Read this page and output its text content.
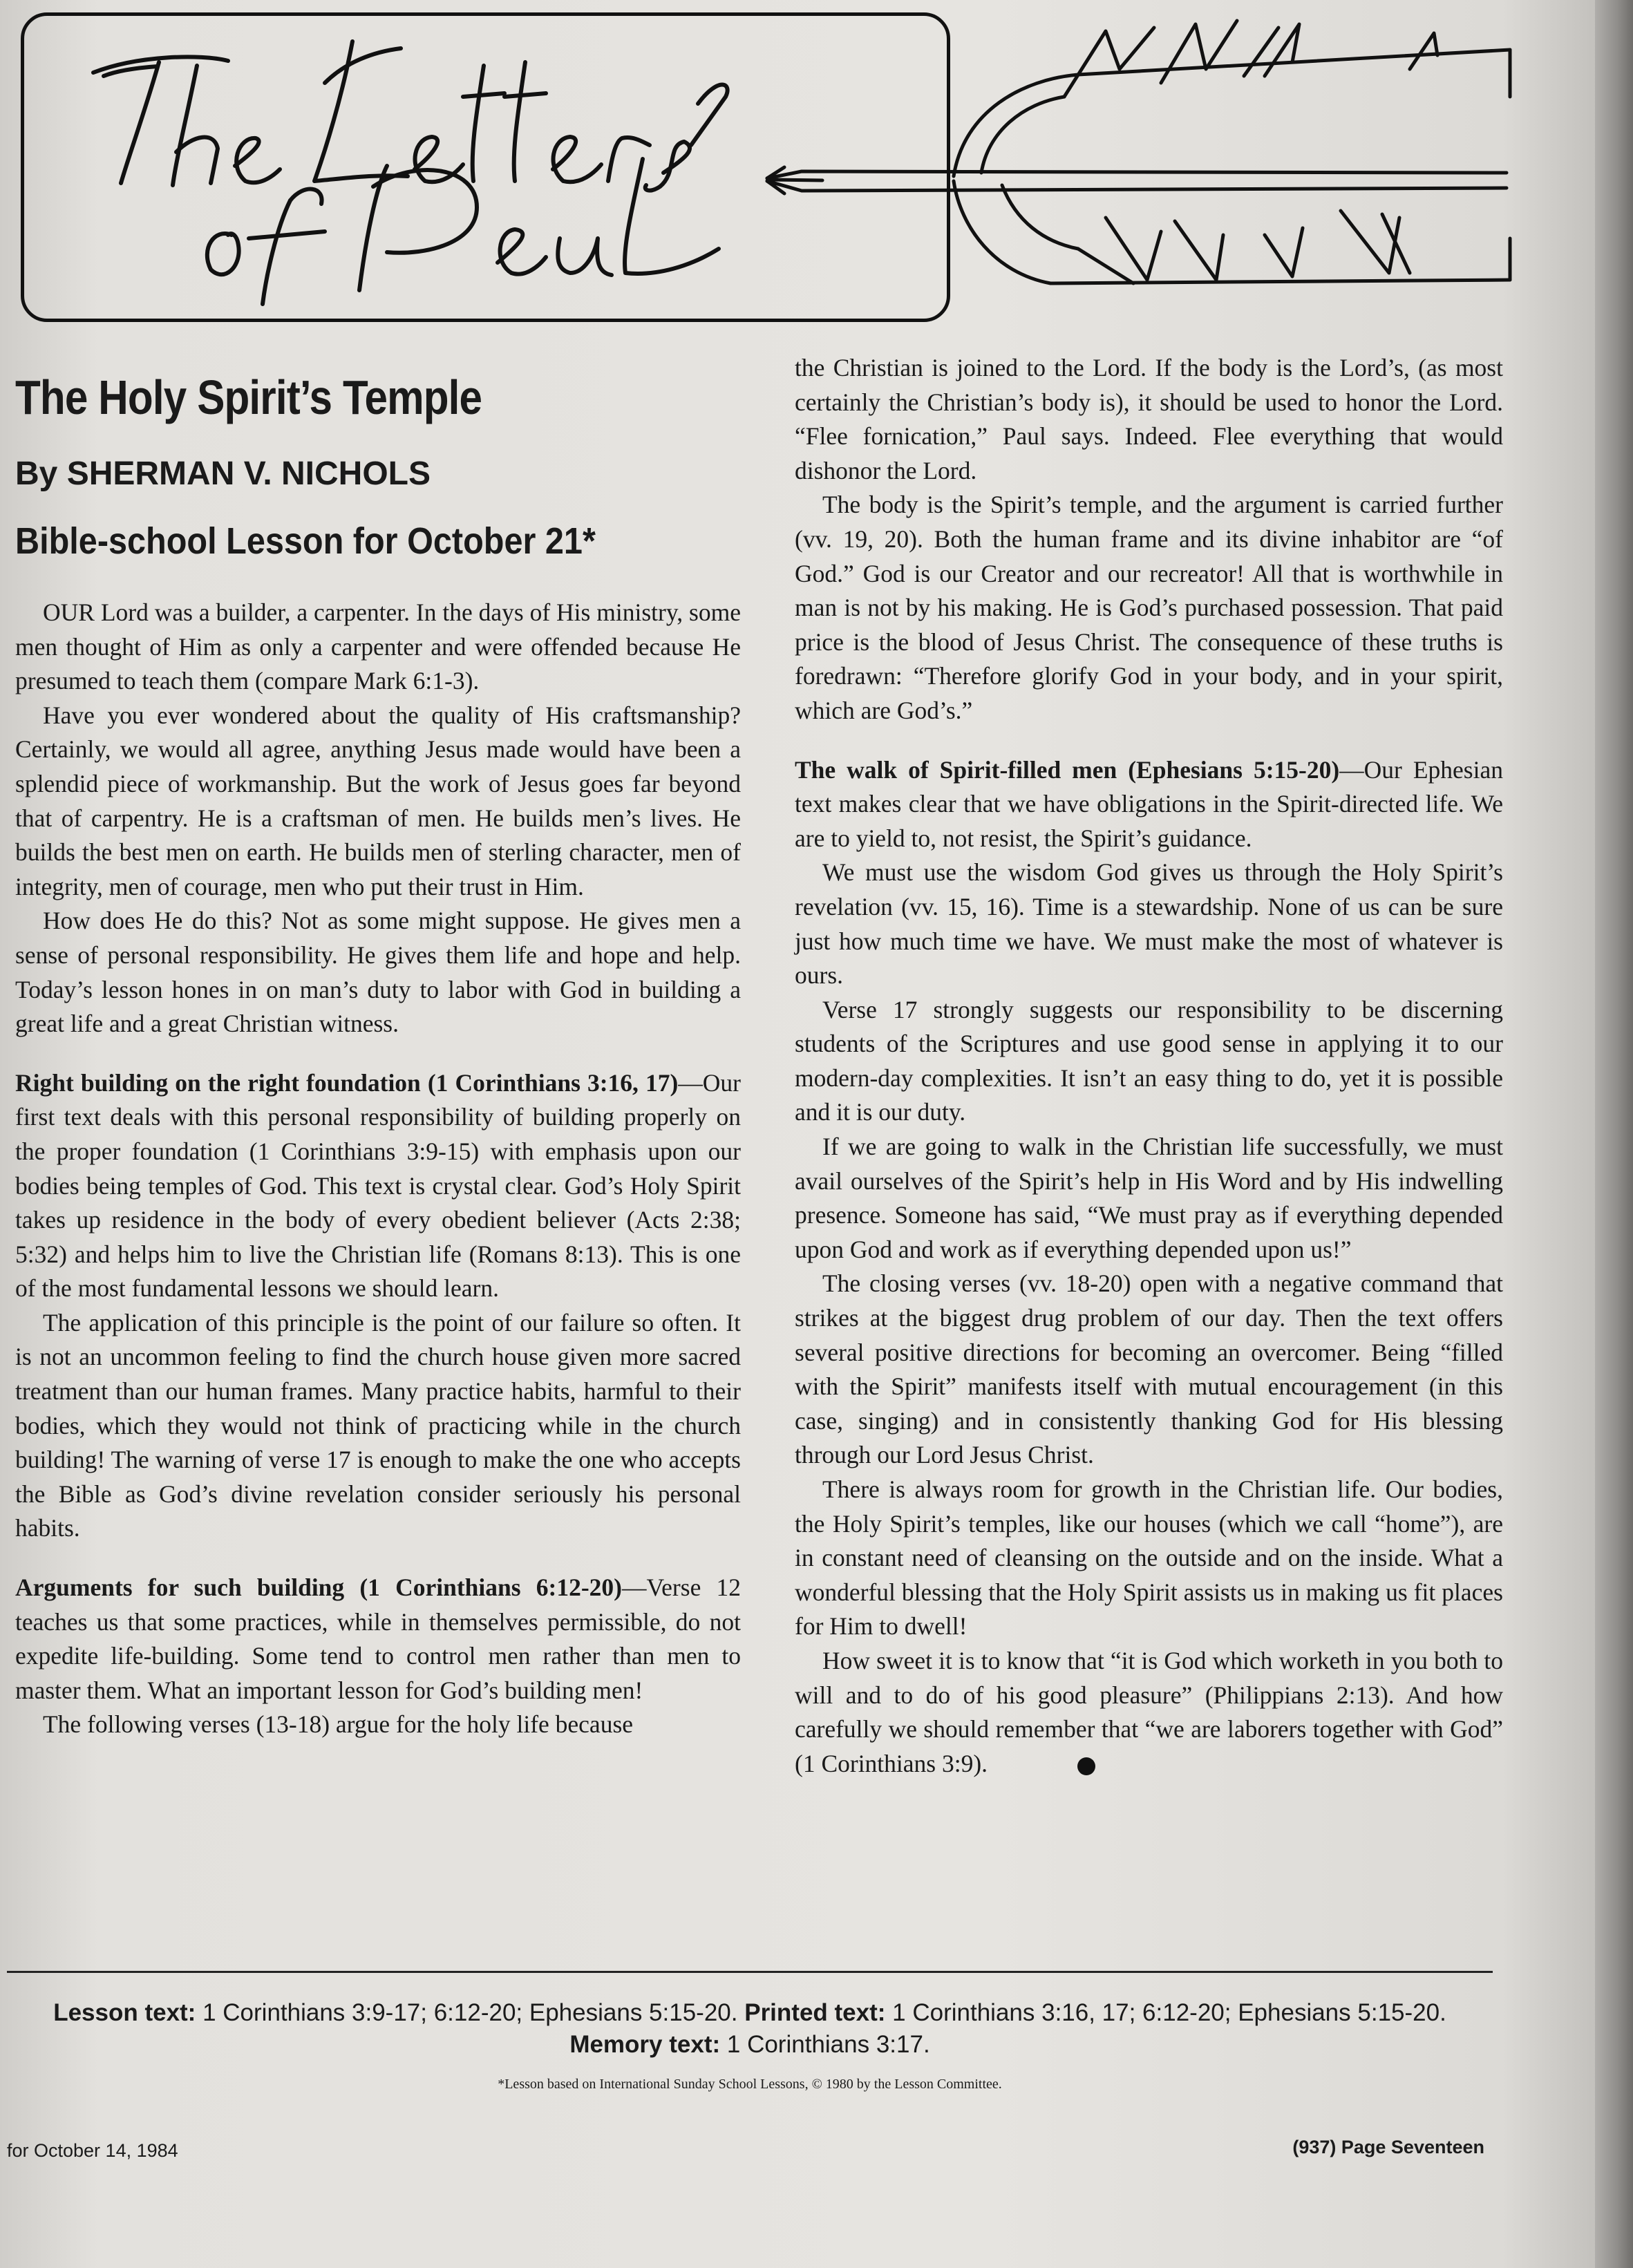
The Holy Spirit’s Temple
By SHERMAN V. NICHOLS
Bible-school Lesson for October 21*

OUR Lord was a builder, a carpenter. In the days of His ministry, some men thought of Him as only a carpenter and were offended because He presumed to teach them (compare Mark 6:1-3).

Have you ever wondered about the quality of His craftsmanship? Certainly, we would all agree, anything Jesus made would have been a splendid piece of workmanship. But the work of Jesus goes far beyond that of carpentry. He is a craftsman of men. He builds men’s lives. He builds the best men on earth. He builds men of sterling character, men of integrity, men of courage, men who put their trust in Him.

How does He do this? Not as some might suppose. He gives men a sense of personal responsibility. He gives them life and hope and help. Today’s lesson hones in on man’s duty to labor with God in building a great life and a great Christian witness.

Right building on the right foundation (1 Corinthians 3:16, 17)—Our first text deals with this personal responsibility of building properly on the proper foundation (1 Corinthians 3:9-15) with emphasis upon our bodies being temples of God. This text is crystal clear. God’s Holy Spirit takes up residence in the body of every obedient believer (Acts 2:38; 5:32) and helps him to live the Christian life (Romans 8:13). This is one of the most fundamental lessons we should learn.

The application of this principle is the point of our failure so often. It is not an uncommon feeling to find the church house given more sacred treatment than our human frames. Many practice habits, harmful to their bodies, which they would not think of practicing while in the church building! The warning of verse 17 is enough to make the one who accepts the Bible as God’s divine revelation consider seriously his personal habits.

Arguments for such building (1 Corinthians 6:12-20)—Verse 12 teaches us that some practices, while in themselves permissible, do not expedite life-building. Some tend to control men rather than men to master them. What an important lesson for God’s building men!

The following verses (13-18) argue for the holy life because

the Christian is joined to the Lord. If the body is the Lord’s, (as most certainly the Christian’s body is), it should be used to honor the Lord. “Flee fornication,” Paul says. Indeed. Flee everything that would dishonor the Lord.

The body is the Spirit’s temple, and the argument is carried further (vv. 19, 20). Both the human frame and its divine inhabitor are “of God.” God is our Creator and our recreator! All that is worthwhile in man is not by his making. He is God’s purchased possession. That paid price is the blood of Jesus Christ. The consequence of these truths is foredrawn: “Therefore glorify God in your body, and in your spirit, which are God’s.”

The walk of Spirit-filled men (Ephesians 5:15-20)—Our Ephesian text makes clear that we have obligations in the Spirit-directed life. We are to yield to, not resist, the Spirit’s guidance.

We must use the wisdom God gives us through the Holy Spirit’s revelation (vv. 15, 16). Time is a stewardship. None of us can be sure just how much time we have. We must make the most of whatever is ours.

Verse 17 strongly suggests our responsibility to be discerning students of the Scriptures and use good sense in applying it to our modern-day complexities. It isn’t an easy thing to do, yet it is possible and it is our duty.

If we are going to walk in the Christian life successfully, we must avail ourselves of the Spirit’s help in His Word and by His indwelling presence. Someone has said, “We must pray as if everything depended upon God and work as if everything depended upon us!”

The closing verses (vv. 18-20) open with a negative command that strikes at the biggest drug problem of our day. Then the text offers several positive directions for becoming an overcomer. Being “filled with the Spirit” manifests itself with mutual encouragement (in this case, singing) and in consistently thanking God for His blessing through our Lord Jesus Christ.

There is always room for growth in the Christian life. Our bodies, the Holy Spirit’s temples, like our houses (which we call “home”), are in constant need of cleansing on the outside and on the inside. What a wonderful blessing that the Holy Spirit assists us in making us fit places for Him to dwell!

How sweet it is to know that “it is God which worketh in you both to will and to do of his good pleasure” (Philippians 2:13). And how carefully we should remember that “we are laborers together with God” (1 Corinthians 3:9).

Lesson text: 1 Corinthians 3:9-17; 6:12-20; Ephesians 5:15-20. Printed text: 1 Corinthians 3:16, 17; 6:12-20; Ephesians 5:15-20.
Memory text: 1 Corinthians 3:17.
*Lesson based on International Sunday School Lessons, © 1980 by the Lesson Committee.
for October 14, 1984	(937) Page Seventeen
